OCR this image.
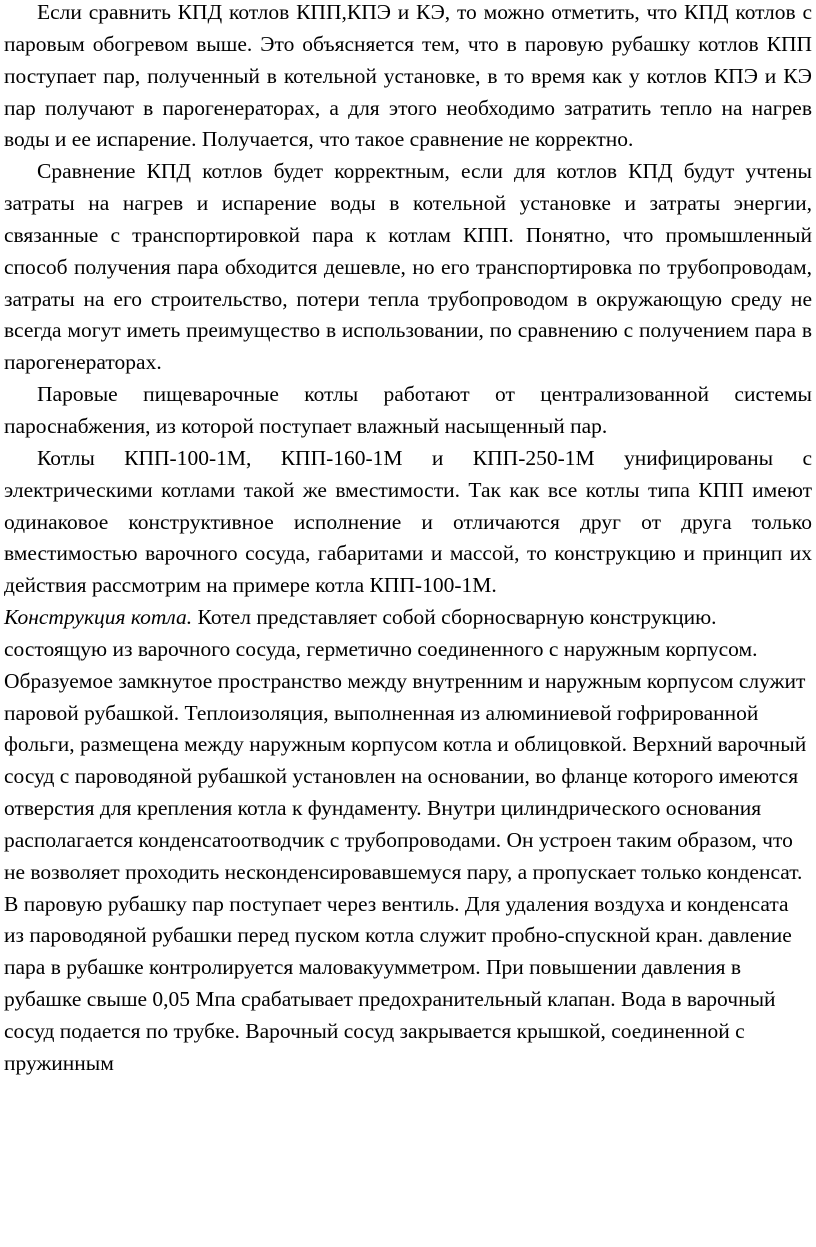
Если сравнить КПД котлов КПП,КПЭ и КЭ, то можно отметить, что КПД котлов с паровым обогревом выше. Это объясняется тем, что в паровую рубашку котлов КПП поступает пар, полученный в котельной установке, в то время как у котлов КПЭ и КЭ пар получают в парогенераторах, а для этого необходимо затратить тепло на нагрев воды и ее испарение. Получается, что такое сравнение не корректно.

Сравнение КПД котлов будет корректным, если для котлов КПД будут учтены затраты на нагрев и испарение воды в котельной установке и затраты энергии, связанные с транспортировкой пара к котлам КПП. Понятно, что промышленный способ получения пара обходится дешевле, но его транспортировка по трубопроводам, затраты на его строительство, потери тепла трубопроводом в окружающую среду не всегда могут иметь преимущество в использовании, по сравнению с получением пара в парогенераторах.

Паровые пищеварочные котлы работают от централизованной системы пароснабжения, из которой поступает влажный насыщенный пар.

Котлы КПП-100-1М, КПП-160-1М и КПП-250-1М унифицированы с электрическими котлами такой же вместимости. Так как все котлы типа КПП имеют одинаковое конструктивное исполнение и отличаются друг от друга только вместимостью варочного сосуда, габаритами и массой, то конструкцию и принцип их действия рассмотрим на примере котла КПП-100-1М.

Конструкция котла. Котел представляет собой сборносварную конструкцию. состоящую из варочного сосуда, герметично соединенного с наружным корпусом. Образуемое замкнутое пространство между внутренним и наружным корпусом служит паровой рубашкой. Теплоизоляция, выполненная из алюминиевой гофрированной фольги, размещена между наружным корпусом котла и облицовкой. Верхний варочный сосуд с пароводяной рубашкой установлен на основании, во фланце которого имеются отверстия для крепления котла к фундаменту. Внутри цилиндрического основания располагается конденсатоотводчик с трубопроводами. Он устроен таким образом, что не возволяет проходить несконденсировавшемуся пару, а пропускает только конденсат. В паровую рубашку пар поступает через вентиль. Для удаления воздуха и конденсата из пароводяной рубашки перед пуском котла служит пробно-спускной кран. давление пара в рубашке контролируется маловакуумметром. При повышении давления в рубашке свыше 0,05 Мпа срабатывает предохранительный клапан. Вода в варочный сосуд подается по трубке. Варочный сосуд закрывается крышкой, соединенной с пружинным
